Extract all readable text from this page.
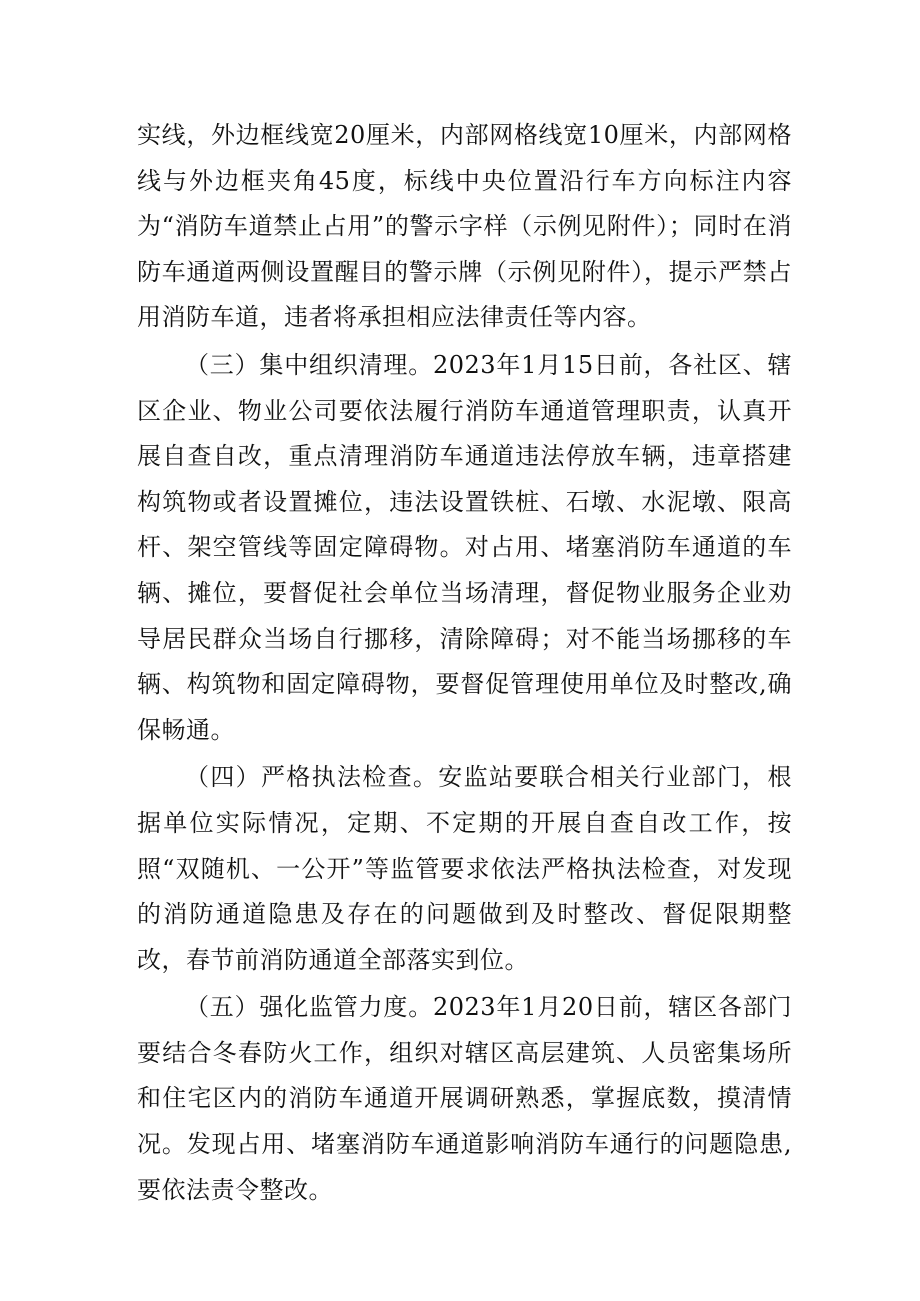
实线，外边框线宽20厘米，内部网格线宽10厘米，内部网格线与外边框夹角45度，标线中央位置沿行车方向标注内容为“消防车道禁止占用”的警示字样（示例见附件）；同时在消防车通道两侧设置醒目的警示牌（示例见附件），提示严禁占用消防车道，违者将承担相应法律责任等内容。

（三）集中组织清理。2023年1月15日前，各社区、辖区企业、物业公司要依法履行消防车通道管理职责，认真开展自查自改，重点清理消防车通道违法停放车辆，违章搭建构筑物或者设置摊位，违法设置铁桩、石墩、水泥墩、限高杆、架空管线等固定障碍物。对占用、堵塞消防车通道的车辆、摊位，要督促社会单位当场清理，督促物业服务企业劝导居民群众当场自行挪移，清除障碍；对不能当场挪移的车辆、构筑物和固定障碍物，要督促管理使用单位及时整改,确保畅通。

（四）严格执法检查。安监站要联合相关行业部门，根据单位实际情况，定期、不定期的开展自查自改工作，按照“双随机、一公开”等监管要求依法严格执法检查，对发现的消防通道隐患及存在的问题做到及时整改、督促限期整改，春节前消防通道全部落实到位。

（五）强化监管力度。2023年1月20日前，辖区各部门要结合冬春防火工作，组织对辖区高层建筑、人员密集场所和住宅区内的消防车通道开展调研熟悉，掌握底数，摸清情况。发现占用、堵塞消防车通道影响消防车通行的问题隐患,要依法责令整改。
